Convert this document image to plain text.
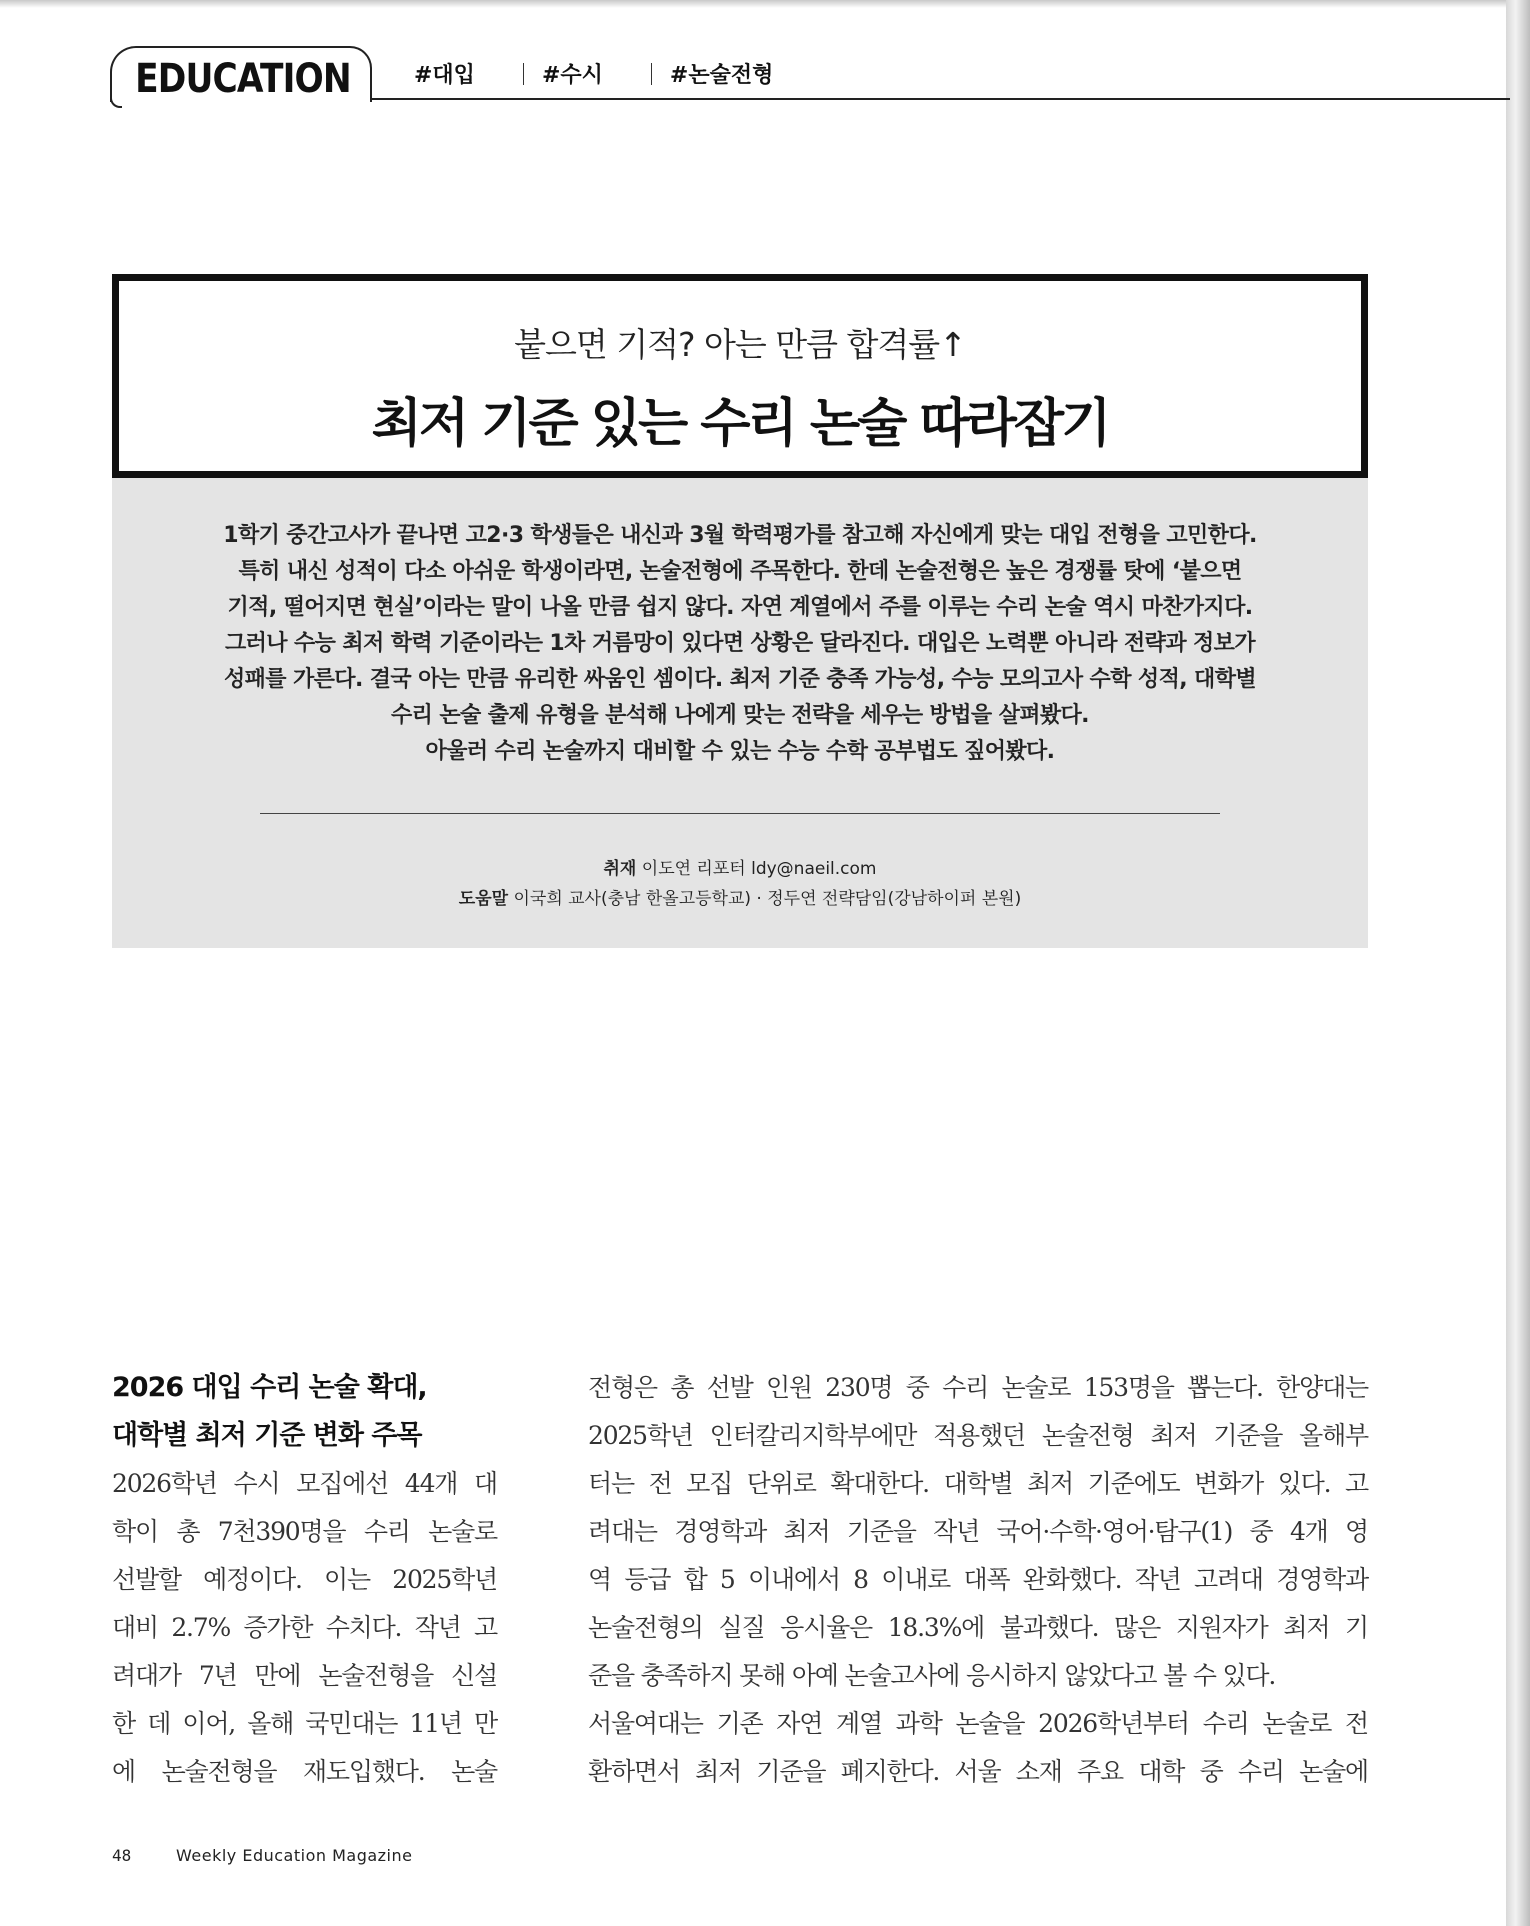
EDUCATION	#대입	#수시	#논술전형
붙으면 기적? 아는 만큼 합격률↑
최저 기준 있는 수리 논술 따라잡기
1학기 중간고사가 끝나면 고2·3 학생들은 내신과 3월 학력평가를 참고해 자신에게 맞는 대입 전형을 고민한다.
특히 내신 성적이 다소 아쉬운 학생이라면, 논술전형에 주목한다. 한데 논술전형은 높은 경쟁률 탓에 ‘붙으면
기적, 떨어지면 현실’이라는 말이 나올 만큼 쉽지 않다. 자연 계열에서 주를 이루는 수리 논술 역시 마찬가지다.
그러나 수능 최저 학력 기준이라는 1차 거름망이 있다면 상황은 달라진다. 대입은 노력뿐 아니라 전략과 정보가
성패를 가른다. 결국 아는 만큼 유리한 싸움인 셈이다. 최저 기준 충족 가능성, 수능 모의고사 수학 성적, 대학별
수리 논술 출제 유형을 분석해 나에게 맞는 전략을 세우는 방법을 살펴봤다.
아울러 수리 논술까지 대비할 수 있는 수능 수학 공부법도 짚어봤다.
취재 이도연 리포터 ldy@naeil.com
도움말 이국희 교사(충남 한올고등학교) · 정두연 전략담임(강남하이퍼 본원)
2026 대입 수리 논술 확대,
대학별 최저 기준 변화 주목
2026학년 수시 모집에선 44개 대
학이 총 7천390명을 수리 논술로
선발할 예정이다. 이는 2025학년
대비 2.7% 증가한 수치다. 작년 고
려대가 7년 만에 논술전형을 신설
한 데 이어, 올해 국민대는 11년 만
에 논술전형을 재도입했다. 논술
전형은 총 선발 인원 230명 중 수리 논술로 153명을 뽑는다. 한양대는
2025학년 인터칼리지학부에만 적용했던 논술전형 최저 기준을 올해부
터는 전 모집 단위로 확대한다. 대학별 최저 기준에도 변화가 있다. 고
려대는 경영학과 최저 기준을 작년 국어·수학·영어·탐구(1) 중 4개 영
역 등급 합 5 이내에서 8 이내로 대폭 완화했다. 작년 고려대 경영학과
논술전형의 실질 응시율은 18.3%에 불과했다. 많은 지원자가 최저 기
준을 충족하지 못해 아예 논술고사에 응시하지 않았다고 볼 수 있다.
서울여대는 기존 자연 계열 과학 논술을 2026학년부터 수리 논술로 전
환하면서 최저 기준을 폐지한다. 서울 소재 주요 대학 중 수리 논술에
48	Weekly Education Magazine
